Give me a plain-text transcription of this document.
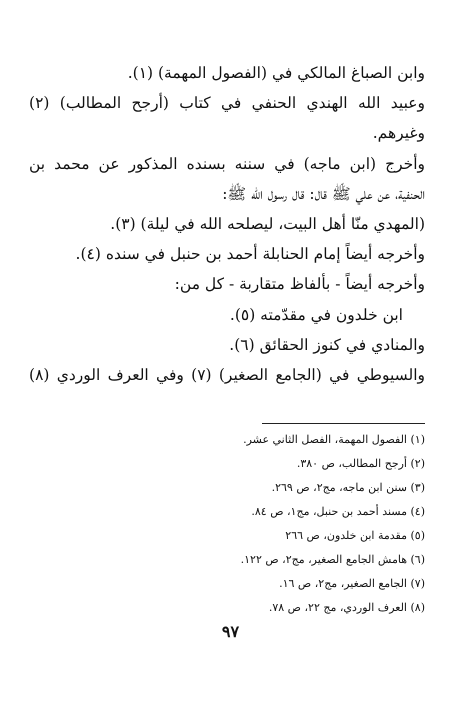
وابن الصباغ المالكي في (الفصول المهمة) (١).
وعبيد الله الهندي الحنفي في كتاب (أرجح المطالب) (٢)
وغيرهم.
وأخرج (ابن ماجه) في سننه بسنده المذكور عن محمد بن
الحنفية، عن علي ﷺ قال: قال رسول الله ﷺ:
(المهدي منّا أهل البيت، ليصلحه الله في ليلة) (٣).
وأخرجه أيضاً إمام الحنابلة أحمد بن حنبل في سنده (٤).
وأخرجه أيضاً - بألفاظ متقاربة - كل من:
ابن خلدون في مقدّمته (٥).
والمنادي في كنوز الحقائق (٦).
والسيوطي في (الجامع الصغير) (٧) وفي العرف الوردي (٨)
(١) الفصول المهمة، الفصل الثاني عشر.
(٢) أرجح المطالب، ص ٣٨٠.
(٣) سنن ابن ماجه، مج٢، ص ٢٦٩.
(٤) مسند أحمد بن حنبل، مج١، ص ٨٤.
(٥) مقدمة ابن خلدون، ص ٢٦٦
(٦) هامش الجامع الصغير، مج٢، ص ١٢٢.
(٧) الجامع الصغير، مج٢، ص ١٦.
(٨) العرف الوردي، مج ٢٢، ص ٧٨.
٩٧
